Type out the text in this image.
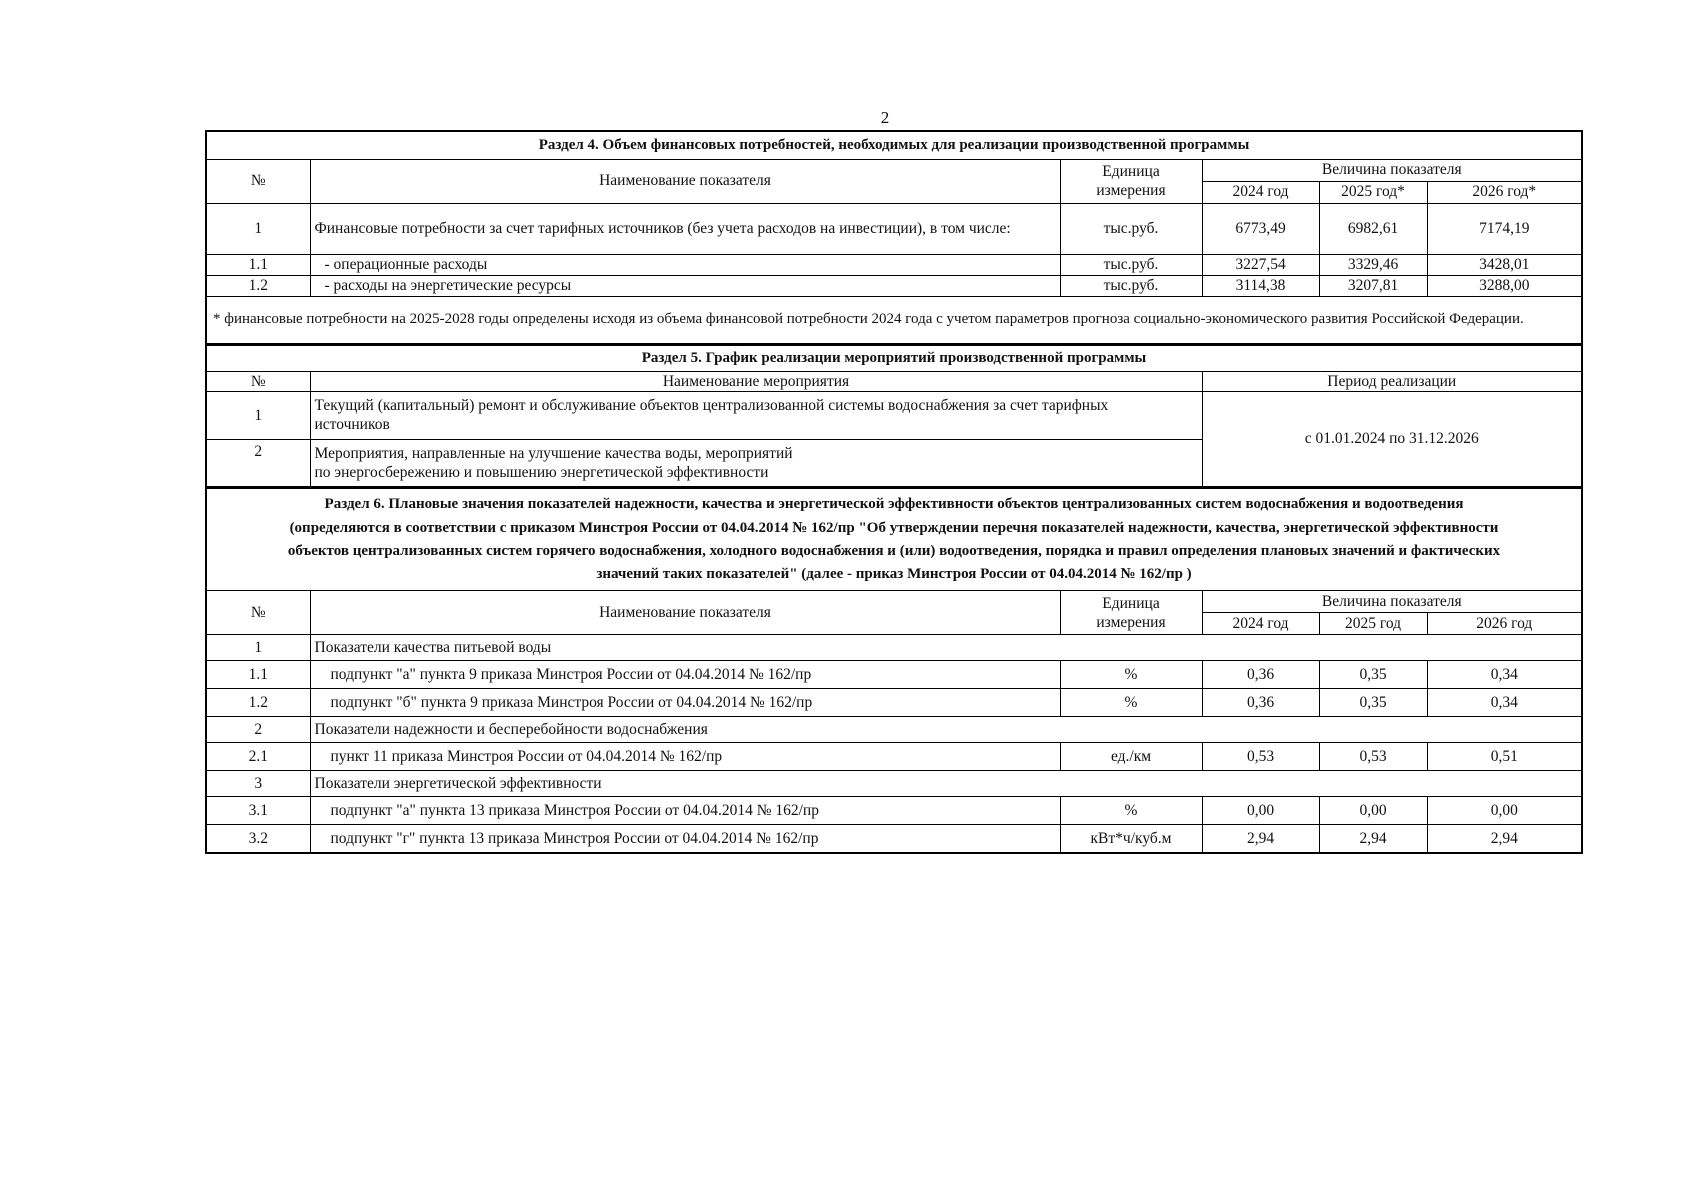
2
Раздел 4. Объем финансовых потребностей, необходимых для реализации производственной программы					
№	Наименование показателя	Единица
измерения	Величина показателя		
			2024 год	2025 год*	2026 год*
1	Финансовые потребности за счет тарифных источников (без учета расходов на инвестиции), в том числе:	тыс.руб.	6773,49	6982,61	7174,19
1.1	- операционные расходы	тыс.руб.	3227,54	3329,46	3428,01
1.2	- расходы на энергетические ресурсы	тыс.руб.	3114,38	3207,81	3288,00
* финансовые потребности на 2025-2028 годы определены исходя из объема финансовой потребности 2024 года с учетом параметров прогноза социально-экономического развития Российской Федерации.					
Раздел 5. График реализации мероприятий производственной программы		
№	Наименование мероприятия	Период реализации
1	Текущий (капитальный) ремонт и обслуживание объектов централизованной системы водоснабжения за счет тарифных
источников	с 01.01.2024 по 31.12.2026
2	Мероприятия, направленные на улучшение качества воды, мероприятий
по энергосбережению и повышению энергетической эффективности	
Раздел 6. Плановые значения показателей надежности, качества и энергетической эффективности объектов централизованных систем водоснабжения и водоотведения
(определяются в соответствии с приказом Минстроя России от 04.04.2014 № 162/пр "Об утверждении перечня показателей надежности, качества, энергетической эффективности
объектов централизованных систем горячего водоснабжения, холодного водоснабжения и (или) водоотведения, порядка и правил определения плановых значений и фактических
значений таких показателей" (далее - приказ Минстроя России от 04.04.2014 № 162/пр )					

№	Наименование показателя	Единица
измерения	Величина показателя		
			2024 год	2025 год	2026 год
1	Показатели качества питьевой воды				
1.1	подпункт "а" пункта 9 приказа Минстроя России от 04.04.2014 № 162/пр	%	0,36	0,35	0,34
1.2	подпункт "б" пункта 9 приказа Минстроя России от 04.04.2014 № 162/пр	%	0,36	0,35	0,34
2	Показатели надежности и бесперебойности водоснабжения				
2.1	пункт 11 приказа Минстроя России от 04.04.2014 № 162/пр	ед./км	0,53	0,53	0,51
3	Показатели энергетической эффективности				
3.1	подпункт "а" пункта 13 приказа Минстроя России от 04.04.2014 № 162/пр	%	0,00	0,00	0,00
3.2	подпункт "г" пункта 13 приказа Минстроя России от 04.04.2014 № 162/пр	кВт*ч/куб.м	2,94	2,94	2,94
